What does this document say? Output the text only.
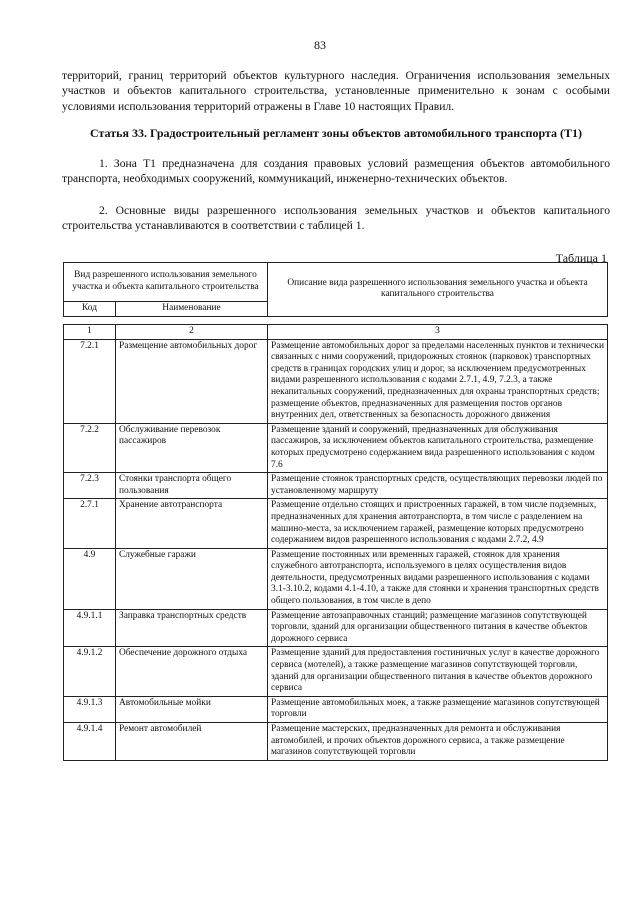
83
территорий, границ территорий объектов культурного наследия. Ограничения использования земельных участков и объектов капитального строительства, установленные применительно к зонам с особыми условиями использования территорий отражены в Главе 10 настоящих Правил.
Статья 33. Градостроительный регламент зоны объектов автомобильного транспорта (Т1)
1. Зона Т1 предназначена для создания правовых условий размещения объектов автомобильного транспорта, необходимых сооружений, коммуникаций, инженерно-технических объектов.
2. Основные виды разрешенного использования земельных участков и объектов капитального строительства устанавливаются в соответствии с таблицей 1.
Таблица 1
Вид разрешенного использования земельного участка и объекта капитального строительства		Описание вида разрешенного использования земельного участка и объекта капитального строительства
Код	Наименование	
1	2	3
7.2.1	Размещение автомобильных дорог	Размещение автомобильных дорог за пределами населенных пунктов и технически связанных с ними сооружений, придорожных стоянок (парковок) транспортных средств в границах городских улиц и дорог, за исключением предусмотренных видами разрешенного использования с кодами 2.7.1, 4.9, 7.2.3, а также некапитальных сооружений, предназначенных для охраны транспортных средств; размещение объектов, предназначенных для размещения постов органов внутренних дел, ответственных за безопасность дорожного движения
7.2.2	Обслуживание перевозок пассажиров	Размещение зданий и сооружений, предназначенных для обслуживания пассажиров, за исключением объектов капитального строительства, размещение которых предусмотрено содержанием вида разрешенного использования с кодом 7.6
7.2.3	Стоянки транспорта общего пользования	Размещение стоянок транспортных средств, осуществляющих перевозки людей по установленному маршруту
2.7.1	Хранение автотранспорта	Размещение отдельно стоящих и пристроенных гаражей, в том числе подземных, предназначенных для хранения автотранспорта, в том числе с разделением на машино-места, за исключением гаражей, размещение которых предусмотрено содержанием видов разрешенного использования с кодами 2.7.2, 4.9
4.9	Служебные гаражи	Размещение постоянных или временных гаражей, стоянок для хранения служебного автотранспорта, используемого в целях осуществления видов деятельности, предусмотренных видами разрешенного использования с кодами 3.1-3.10.2, кодами 4.1-4.10, а также для стоянки и хранения транспортных средств общего пользования, в том числе в депо
4.9.1.1	Заправка транспортных средств	Размещение автозаправочных станций; размещение магазинов сопутствующей торговли, зданий для организации общественного питания в качестве объектов дорожного сервиса
4.9.1.2	Обеспечение дорожного отдыха	Размещение зданий для предоставления гостиничных услуг в качестве дорожного сервиса (мотелей), а также размещение магазинов сопутствующей торговли, зданий для организации общественного питания в качестве объектов дорожного сервиса
4.9.1.3	Автомобильные мойки	Размещение автомобильных моек, а также размещение магазинов сопутствующей торговли
4.9.1.4	Ремонт автомобилей	Размещение мастерских, предназначенных для ремонта и обслуживания автомобилей, и прочих объектов дорожного сервиса, а также размещение магазинов сопутствующей торговли
